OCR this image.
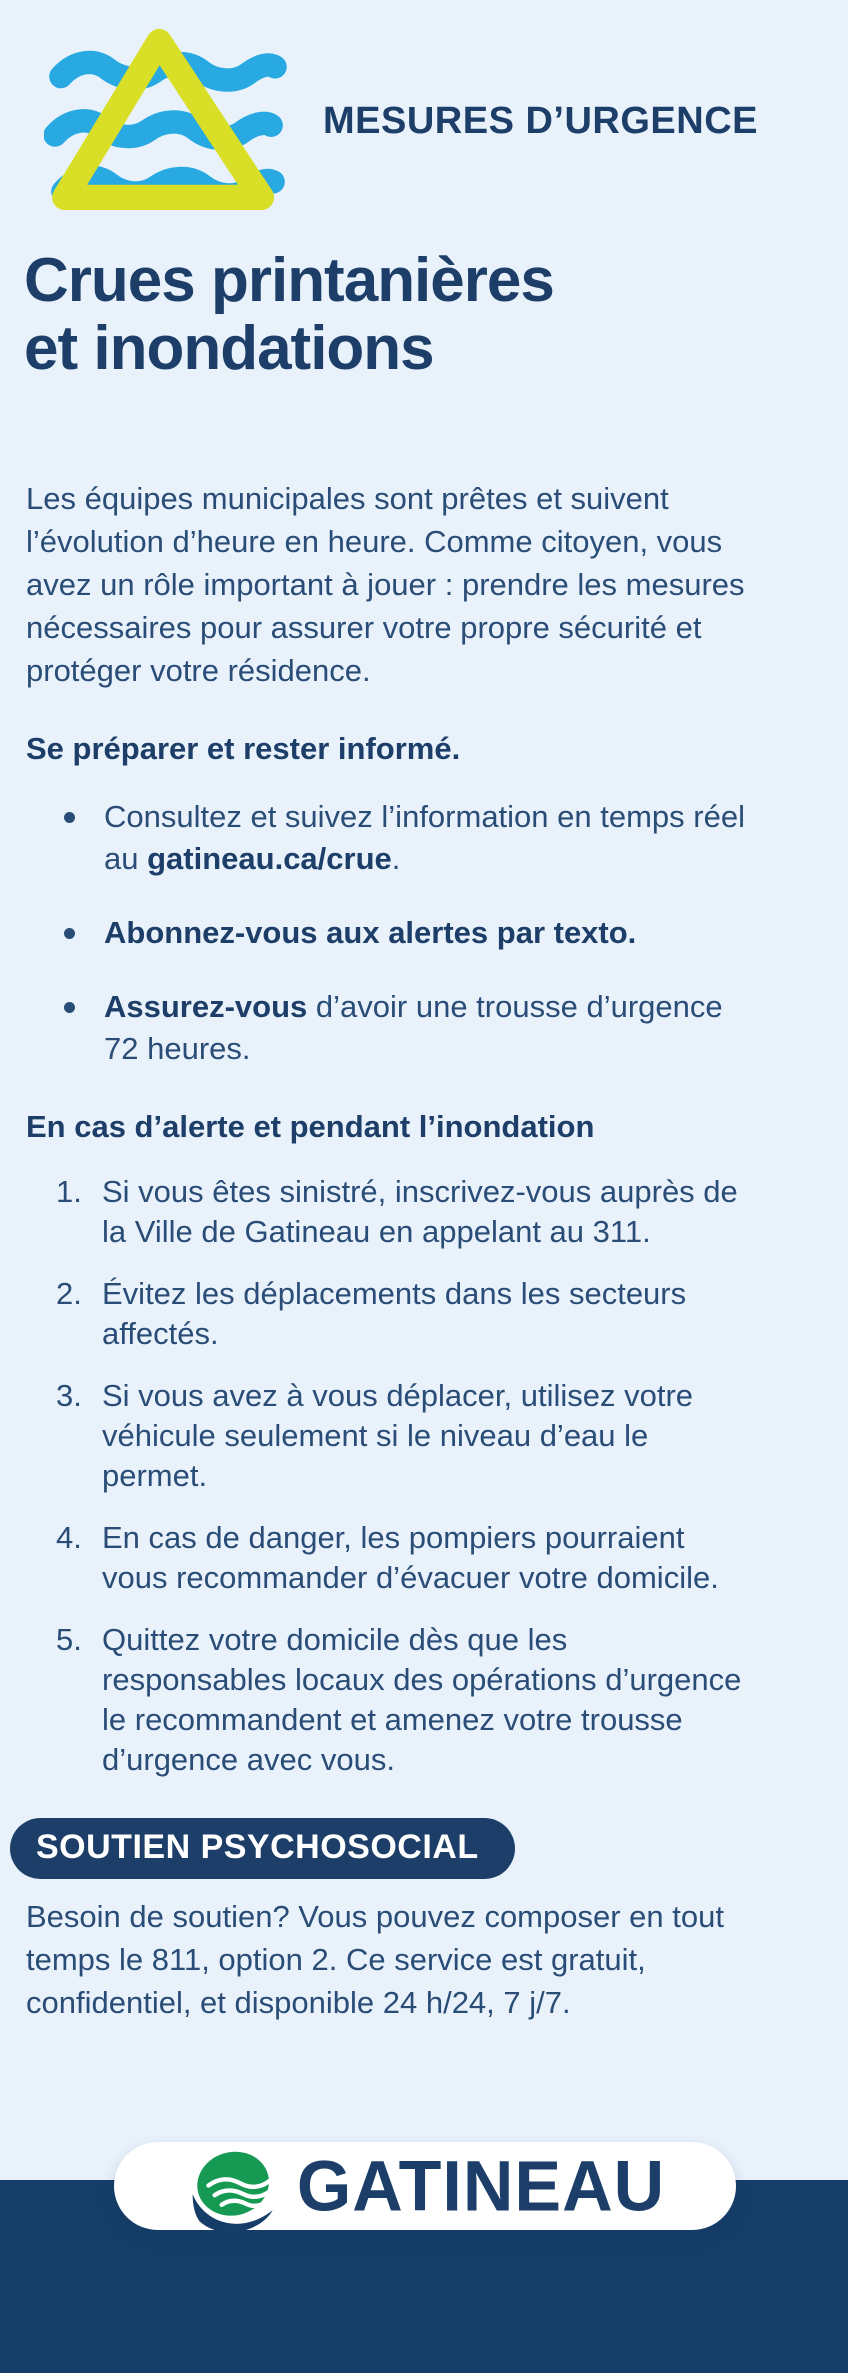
MESURES D’URGENCE
Crues printanières
et inondations

Les équipes municipales sont prêtes et suivent l’évolution d’heure en heure. Comme citoyen, vous avez un rôle important à jouer : prendre les mesures nécessaires pour assurer votre propre sécurité et protéger votre résidence.

Se préparer et rester informé.
Consultez et suivez l’information en temps réel au gatineau.ca/crue.
Abonnez-vous aux alertes par texto.
Assurez-vous d’avoir une trousse d’urgence 72 heures.
En cas d’alerte et pendant l’inondation
1. Si vous êtes sinistré, inscrivez-vous auprès de la Ville de Gatineau en appelant au 311.
2. Évitez les déplacements dans les secteurs affectés.
3. Si vous avez à vous déplacer, utilisez votre véhicule seulement si le niveau d’eau le permet.
4. En cas de danger, les pompiers pourraient vous recommander d’évacuer votre domicile.
5. Quittez votre domicile dès que les responsables locaux des opérations d’urgence le recommandent et amenez votre trousse d’urgence avec vous.
SOUTIEN PSYCHOSOCIAL

Besoin de soutien? Vous pouvez composer en tout temps le 811, option 2. Ce service est gratuit, confidentiel, et disponible 24 h/24, 7 j/7.

GATINEAU
